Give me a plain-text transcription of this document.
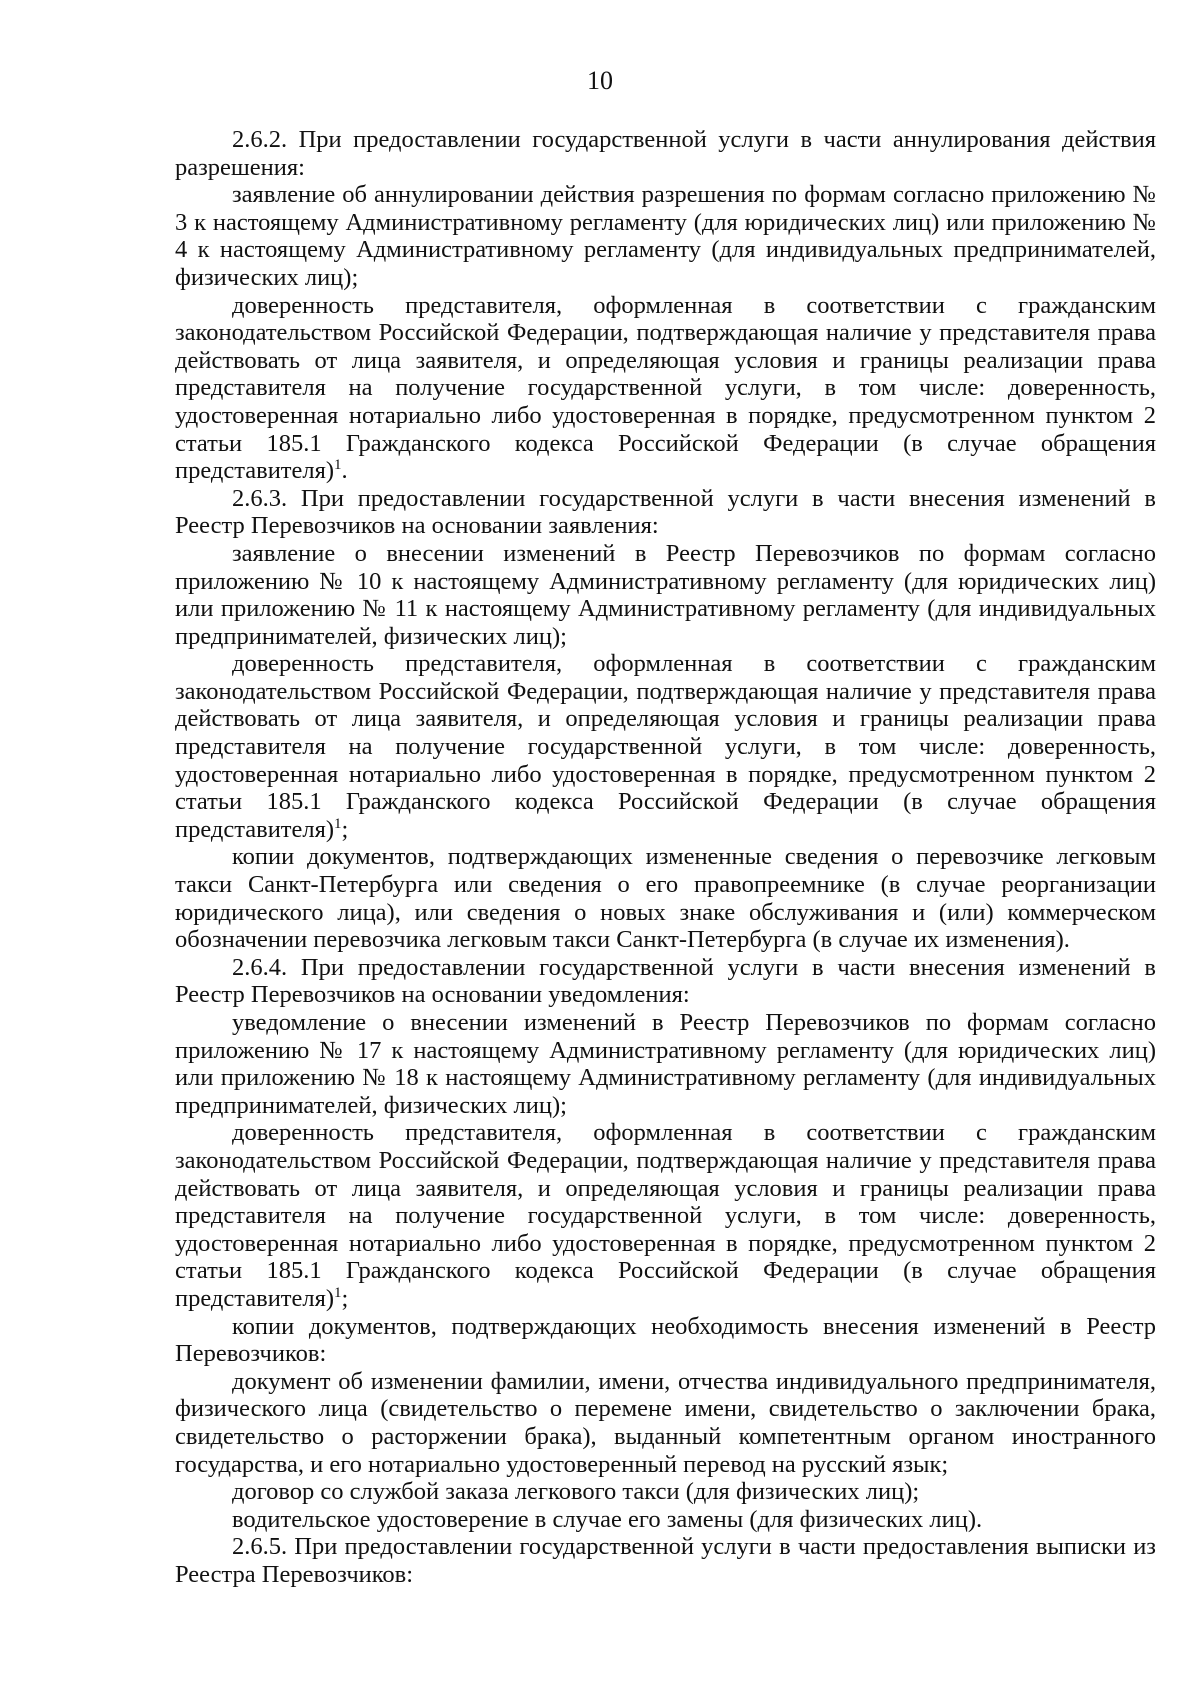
10

2.6.2. При предоставлении государственной услуги в части аннулирования действия разрешения:

заявление об аннулировании действия разрешения по формам согласно приложению № 3 к настоящему Административному регламенту (для юридических лиц) или приложению № 4 к настоящему Административному регламенту (для индивидуальных предпринимателей, физических лиц);

доверенность представителя, оформленная в соответствии с гражданским законодательством Российской Федерации, подтверждающая наличие у представителя права действовать от лица заявителя, и определяющая условия и границы реализации права представителя на получение государственной услуги, в том числе: доверенность, удостоверенная нотариально либо удостоверенная в порядке, предусмотренном пунктом 2 статьи 185.1 Гражданского кодекса Российской Федерации (в случае обращения представителя)$^1$.

2.6.3. При предоставлении государственной услуги в части внесения изменений в Реестр Перевозчиков на основании заявления:

заявление о внесении изменений в Реестр Перевозчиков по формам согласно приложению № 10 к настоящему Административному регламенту (для юридических лиц) или приложению № 11 к настоящему Административному регламенту (для индивидуальных предпринимателей, физических лиц);

доверенность представителя, оформленная в соответствии с гражданским законодательством Российской Федерации, подтверждающая наличие у представителя права действовать от лица заявителя, и определяющая условия и границы реализации права представителя на получение государственной услуги, в том числе: доверенность, удостоверенная нотариально либо удостоверенная в порядке, предусмотренном пунктом 2 статьи 185.1 Гражданского кодекса Российской Федерации (в случае обращения представителя)$^1$;

копии документов, подтверждающих измененные сведения о перевозчике легковым такси Санкт-Петербурга или сведения о его правопреемнике (в случае реорганизации юридического лица), или сведения о новых знаке обслуживания и (или) коммерческом обозначении перевозчика легковым такси Санкт-Петербурга (в случае их изменения).

2.6.4. При предоставлении государственной услуги в части внесения изменений в Реестр Перевозчиков на основании уведомления:

уведомление о внесении изменений в Реестр Перевозчиков по формам согласно приложению № 17 к настоящему Административному регламенту (для юридических лиц) или приложению № 18 к настоящему Административному регламенту (для индивидуальных предпринимателей, физических лиц);

доверенность представителя, оформленная в соответствии с гражданским законодательством Российской Федерации, подтверждающая наличие у представителя права действовать от лица заявителя, и определяющая условия и границы реализации права представителя на получение государственной услуги, в том числе: доверенность, удостоверенная нотариально либо удостоверенная в порядке, предусмотренном пунктом 2 статьи 185.1 Гражданского кодекса Российской Федерации (в случае обращения представителя)$^1$;

копии документов, подтверждающих необходимость внесения изменений в Реестр Перевозчиков:

документ об изменении фамилии, имени, отчества индивидуального предпринимателя, физического лица (свидетельство о перемене имени, свидетельство о заключении брака, свидетельство о расторжении брака), выданный компетентным органом иностранного государства, и его нотариально удостоверенный перевод на русский язык;

договор со службой заказа легкового такси (для физических лиц);

водительское удостоверение в случае его замены (для физических лиц).

2.6.5. При предоставлении государственной услуги в части предоставления выписки из Реестра Перевозчиков:
